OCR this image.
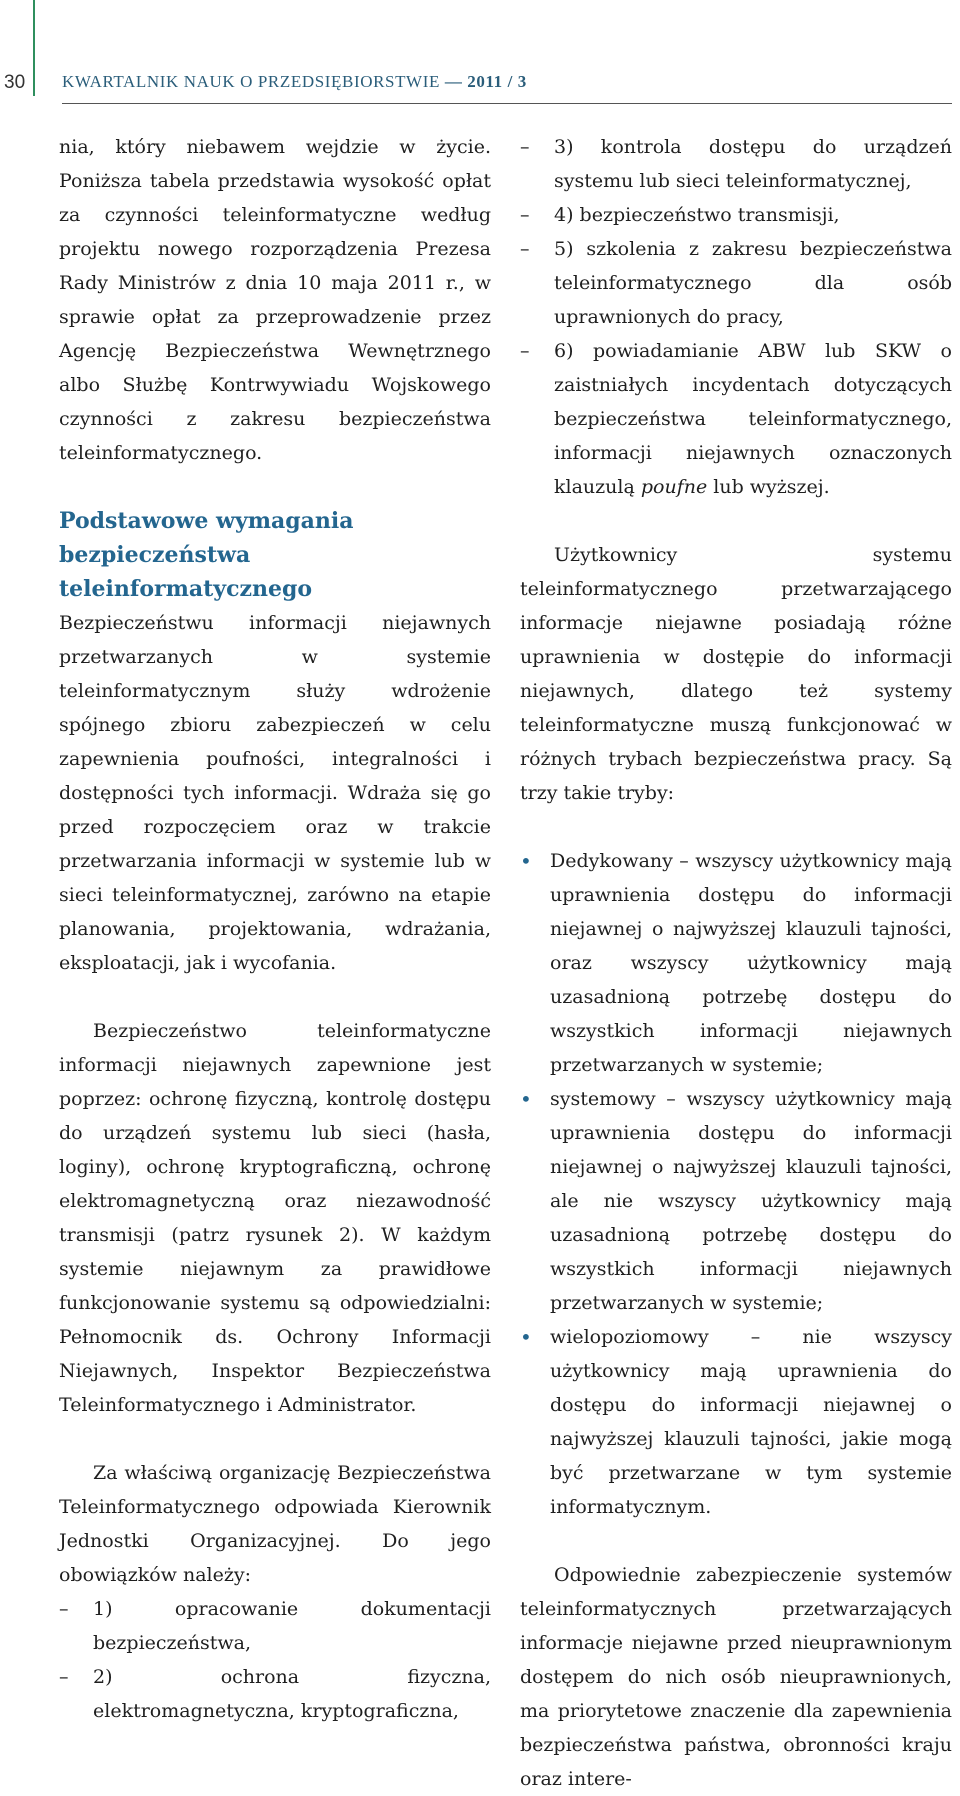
30 KWARTALNIK NAUK O PRZEDSIĘBIORSTWIE — 2011 / 3

nia, który niebawem wejdzie w życie. Poniższa tabela przedstawia wysokość opłat za czynności teleinformatyczne według projektu nowego rozporządzenia Prezesa Rady Ministrów z dnia 10 maja 2011 r., w sprawie opłat za przeprowadzenie przez Agencję Bezpieczeństwa Wewnętrznego albo Służbę Kontrwywiadu Wojskowego czynności z zakresu bezpieczeństwa teleinformatycznego.

Podstawowe wymagania bezpieczeństwa teleinformatycznego

Bezpieczeństwu informacji niejawnych przetwarzanych w systemie teleinformatycznym służy wdrożenie spójnego zbioru zabezpieczeń w celu zapewnienia poufności, integralności i dostępności tych informacji. Wdraża się go przed rozpoczęciem oraz w trakcie przetwarzania informacji w systemie lub w sieci teleinformatycznej, zarówno na etapie planowania, projektowania, wdrażania, eksploatacji, jak i wycofania.

Bezpieczeństwo teleinformatyczne informacji niejawnych zapewnione jest poprzez: ochronę fizyczną, kontrolę dostępu do urządzeń systemu lub sieci (hasła, loginy), ochronę kryptograficzną, ochronę elektromagnetyczną oraz niezawodność transmisji (patrz rysunek 2). W każdym systemie niejawnym za prawidłowe funkcjonowanie systemu są odpowiedzialni: Pełnomocnik ds. Ochrony Informacji Niejawnych, Inspektor Bezpieczeństwa Teleinformatycznego i Administrator.

Za właściwą organizację Bezpieczeństwa Teleinformatycznego odpowiada Kierownik Jednostki Organizacyjnej. Do jego obowiązków należy:

– 1) opracowanie dokumentacji bezpieczeństwa,
– 2) ochrona fizyczna, elektromagnetyczna, kryptograficzna,
– 3) kontrola dostępu do urządzeń systemu lub sieci teleinformatycznej,
– 4) bezpieczeństwo transmisji,
– 5) szkolenia z zakresu bezpieczeństwa teleinformatycznego dla osób uprawnionych do pracy,
– 6) powiadamianie ABW lub SKW o zaistniałych incydentach dotyczących bezpieczeństwa teleinformatycznego, informacji niejawnych oznaczonych klauzulą poufne lub wyższej.

Użytkownicy systemu teleinformatycznego przetwarzającego informacje niejawne posiadają różne uprawnienia w dostępie do informacji niejawnych, dlatego też systemy teleinformatyczne muszą funkcjonować w różnych trybach bezpieczeństwa pracy. Są trzy takie tryby:

• Dedykowany – wszyscy użytkownicy mają uprawnienia dostępu do informacji niejawnej o najwyższej klauzuli tajności, oraz wszyscy użytkownicy mają uzasadnioną potrzebę dostępu do wszystkich informacji niejawnych przetwarzanych w systemie;
• systemowy – wszyscy użytkownicy mają uprawnienia dostępu do informacji niejawnej o najwyższej klauzuli tajności, ale nie wszyscy użytkownicy mają uzasadnioną potrzebę dostępu do wszystkich informacji niejawnych przetwarzanych w systemie;
• wielopoziomowy – nie wszyscy użytkownicy mają uprawnienia do dostępu do informacji niejawnej o najwyższej klauzuli tajności, jakie mogą być przetwarzane w tym systemie informatycznym.

Odpowiednie zabezpieczenie systemów teleinformatycznych przetwarzających informacje niejawne przed nieuprawnionym dostępem do nich osób nieuprawnionych, ma priorytetowe znaczenie dla zapewnienia bezpieczeństwa państwa, obronności kraju oraz intere-
